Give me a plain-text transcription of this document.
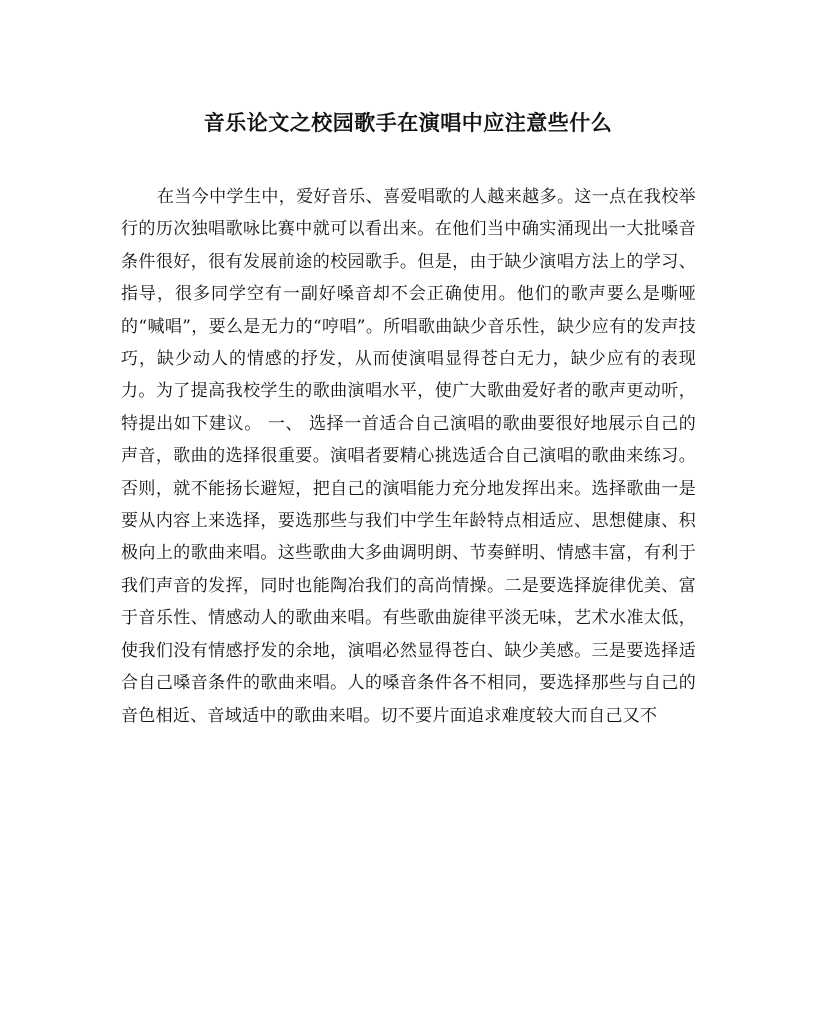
音乐论文之校园歌手在演唱中应注意些什么

在当今中学生中，爱好音乐、喜爱唱歌的人越来越多。这一点在我校举行的历次独唱歌咏比赛中就可以看出来。在他们当中确实涌现出一大批嗓音条件很好，很有发展前途的校园歌手。但是，由于缺少演唱方法上的学习、指导，很多同学空有一副好嗓音却不会正确使用。他们的歌声要么是嘶哑的“喊唱”，要么是无力的“哼唱”。所唱歌曲缺少音乐性，缺少应有的发声技巧，缺少动人的情感的抒发，从而使演唱显得苍白无力，缺少应有的表现力。为了提高我校学生的歌曲演唱水平，使广大歌曲爱好者的歌声更动听，特提出如下建议。 一、 选择一首适合自己演唱的歌曲要很好地展示自己的声音，歌曲的选择很重要。演唱者要精心挑选适合自己演唱的歌曲来练习。否则，就不能扬长避短，把自己的演唱能力充分地发挥出来。选择歌曲一是要从内容上来选择，要选那些与我们中学生年龄特点相适应、思想健康、积极向上的歌曲来唱。这些歌曲大多曲调明朗、节奏鲜明、情感丰富，有利于我们声音的发挥，同时也能陶冶我们的高尚情操。二是要选择旋律优美、富于音乐性、情感动人的歌曲来唱。有些歌曲旋律平淡无味，艺术水准太低，使我们没有情感抒发的余地，演唱必然显得苍白、缺少美感。三是要选择适合自己嗓音条件的歌曲来唱。人的嗓音条件各不相同，要选择那些与自己的音色相近、音域适中的歌曲来唱。切不要片面追求难度较大而自己又不
